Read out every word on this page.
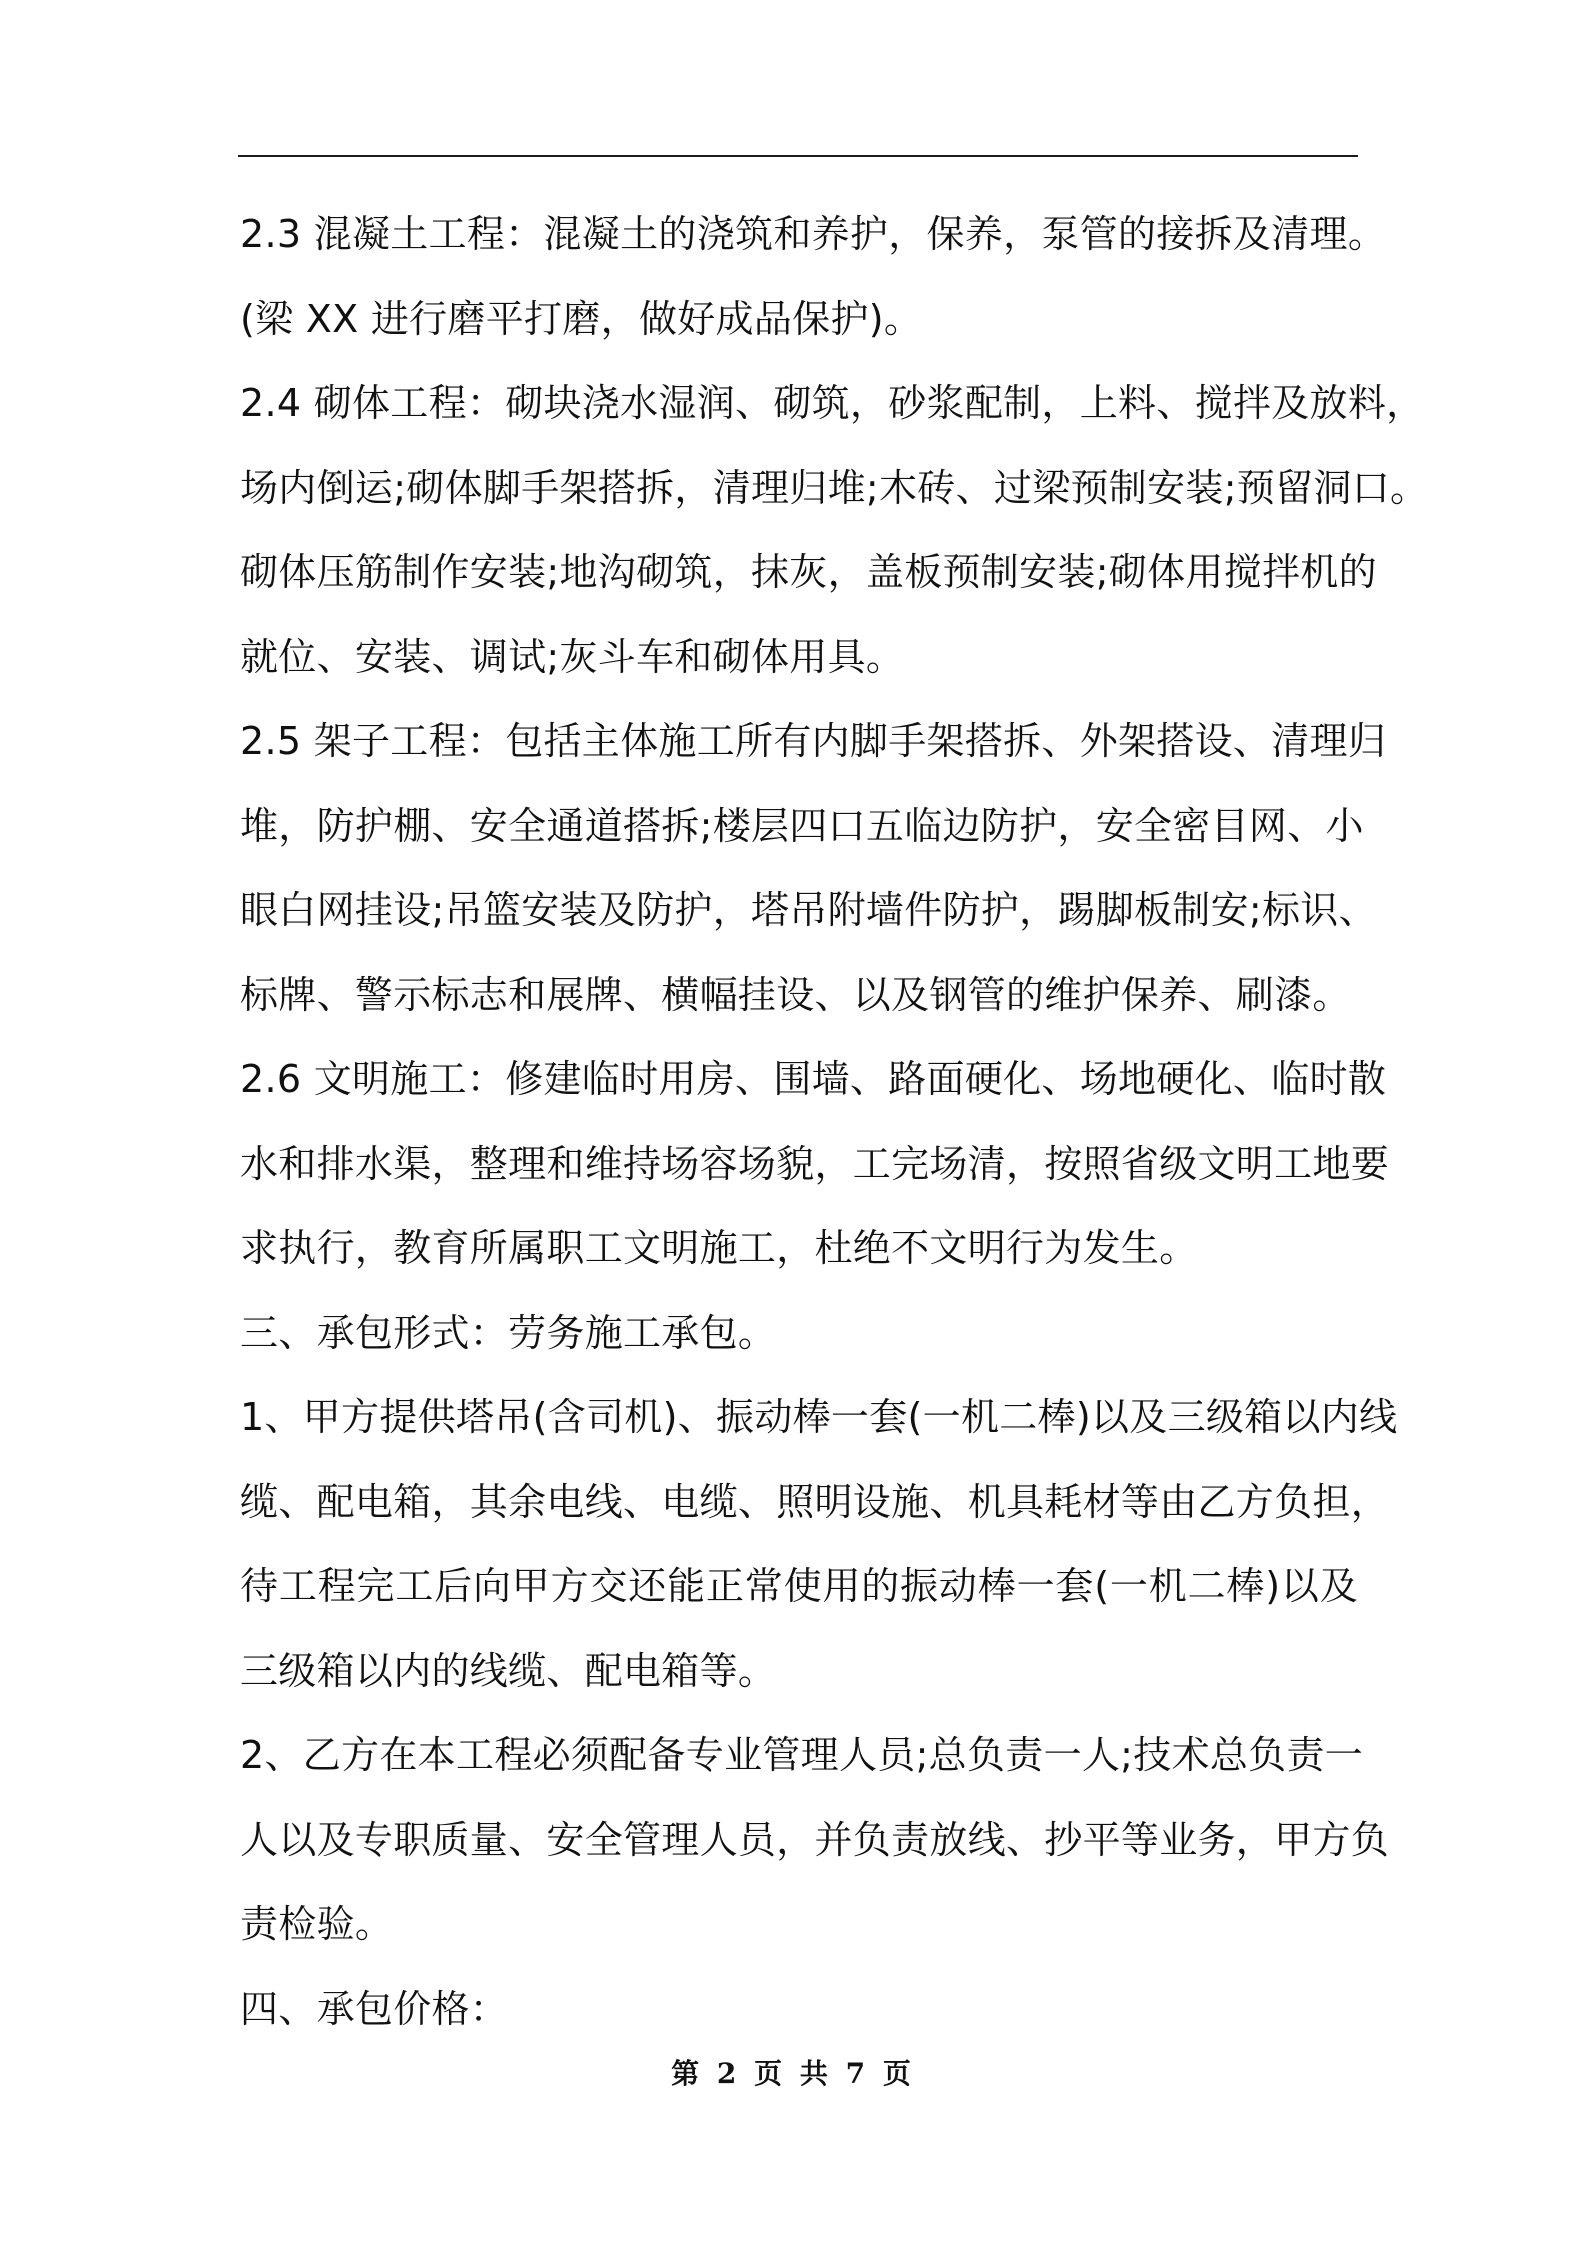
2.3 混凝土工程：混凝土的浇筑和养护，保养，泵管的接拆及清理。

(梁 XX 进行磨平打磨，做好成品保护)。

2.4 砌体工程：砌块浇水湿润、砌筑，砂浆配制，上料、搅拌及放料，

场内倒运;砌体脚手架搭拆，清理归堆;木砖、过梁预制安装;预留洞口。

砌体压筋制作安装;地沟砌筑，抹灰，盖板预制安装;砌体用搅拌机的

就位、安装、调试;灰斗车和砌体用具。

2.5 架子工程：包括主体施工所有内脚手架搭拆、外架搭设、清理归

堆，防护棚、安全通道搭拆;楼层四口五临边防护，安全密目网、小

眼白网挂设;吊篮安装及防护，塔吊附墙件防护，踢脚板制安;标识、

标牌、警示标志和展牌、横幅挂设、以及钢管的维护保养、刷漆。

2.6 文明施工：修建临时用房、围墙、路面硬化、场地硬化、临时散

水和排水渠，整理和维持场容场貌，工完场清，按照省级文明工地要

求执行，教育所属职工文明施工，杜绝不文明行为发生。

三、承包形式：劳务施工承包。

1、甲方提供塔吊(含司机)、振动棒一套(一机二棒)以及三级箱以内线

缆、配电箱，其余电线、电缆、照明设施、机具耗材等由乙方负担，

待工程完工后向甲方交还能正常使用的振动棒一套(一机二棒)以及

三级箱以内的线缆、配电箱等。

2、乙方在本工程必须配备专业管理人员;总负责一人;技术总负责一

人以及专职质量、安全管理人员，并负责放线、抄平等业务，甲方负

责检验。

四、承包价格：

第 2 页 共 7 页
